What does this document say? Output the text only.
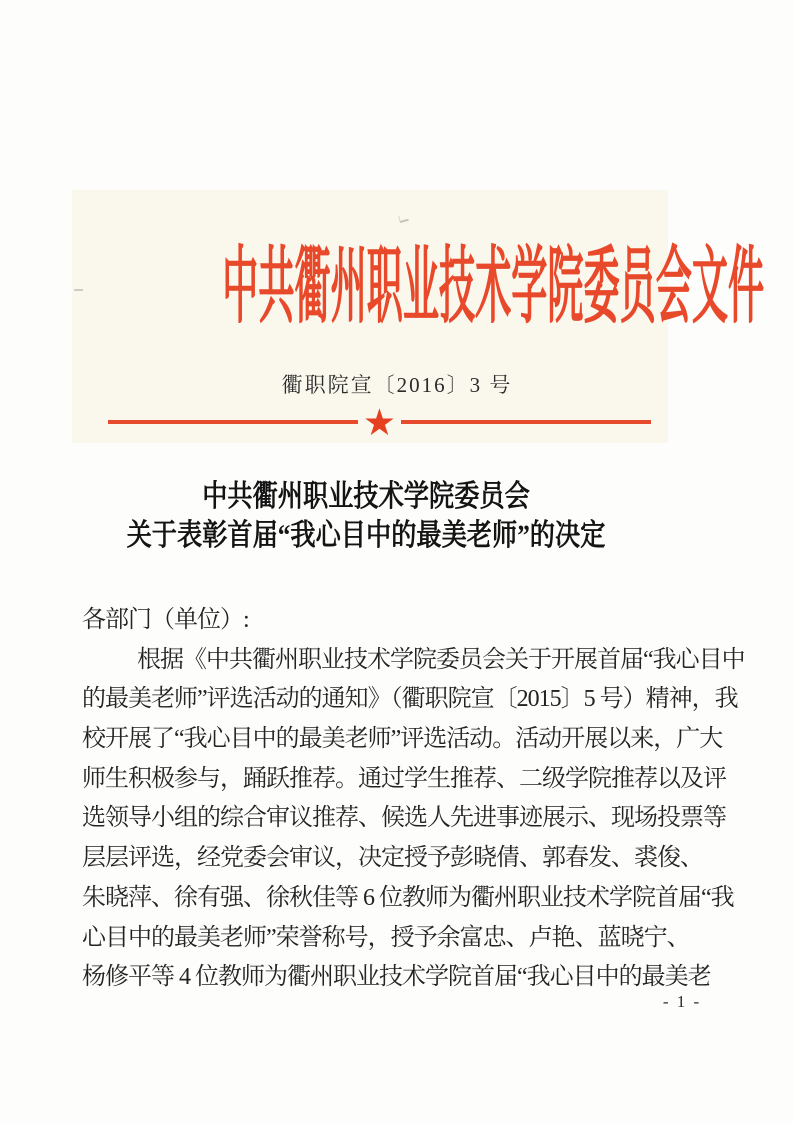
中共衢州职业技术学院委员会文件
衢职院宣〔2016〕3 号
★
中共衢州职业技术学院委员会
关于表彰首届“我心目中的最美老师”的决定
各部门（单位）:
根据《中共衢州职业技术学院委员会关于开展首届“我心目中
的最美老师”评选活动的通知》（衢职院宣〔2015〕5 号）精神，我
校开展了“我心目中的最美老师”评选活动。活动开展以来，广大
师生积极参与，踊跃推荐。通过学生推荐、二级学院推荐以及评
选领导小组的综合审议推荐、候选人先进事迹展示、现场投票等
层层评选，经党委会审议，决定授予彭晓倩、郭春发、裘俊、
朱晓萍、徐有强、徐秋佳等 6 位教师为衢州职业技术学院首届“我
心目中的最美老师”荣誉称号，授予余富忠、卢艳、蓝晓宁、
杨修平等 4 位教师为衢州职业技术学院首届“我心目中的最美老
- 1 -
